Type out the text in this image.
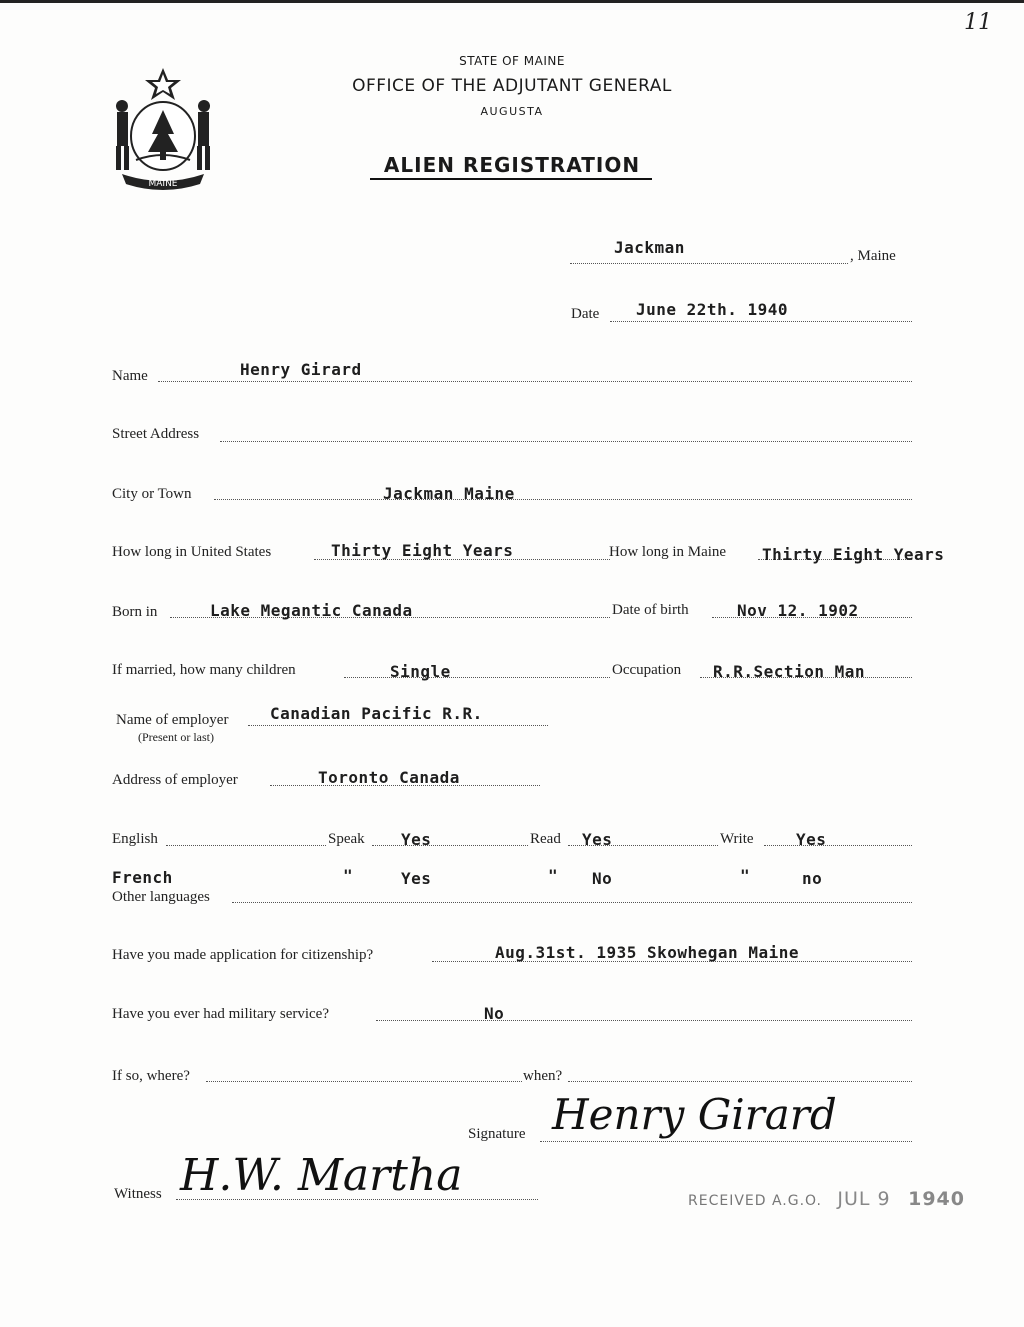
11
MAINE
STATE OF MAINE
OFFICE OF THE ADJUTANT GENERAL
AUGUSTA
ALIEN REGISTRATION
Jackman	, Maine
Date June 22th. 1940
Name	Henry Girard
Street Address
City or Town	Jackman Maine
How long in United States	Thirty Eight Years	How long in Maine Thirty Eight Years
Born in	Lake Megantic Canada	Date of birth	Nov 12. 1902
If married, how many children	Single	Occupation R.R.Section Man
Name of employer
(Present or last)
Canadian Pacific R.R.
Address of employer	Toronto Canada
English	Speak Yes	Read Yes	Write	Yes
French	"	Yes	" No	"	no
Other languages
Have you made application for citizenship?	Aug.31st. 1935 Skowhegan Maine
Have you ever had military service?	No
If so, where?	when?
Signature Henry Girard
Witness H.W. Martha	RECEIVED A.G.O. JUL 9 1940
